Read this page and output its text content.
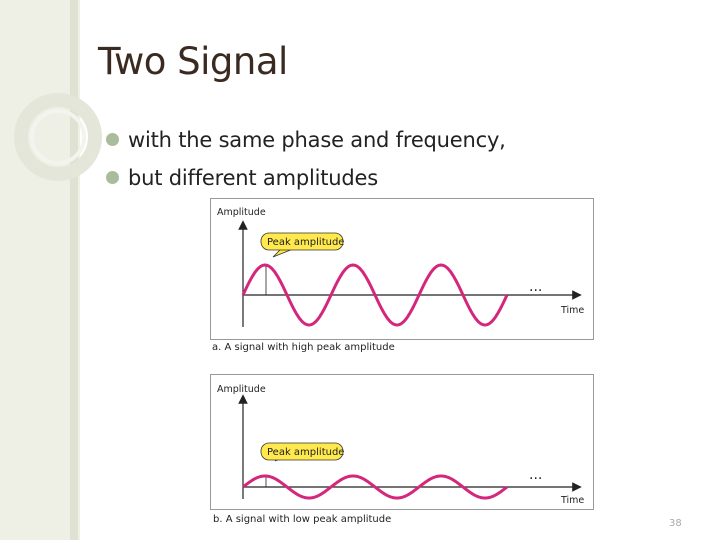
Two Signal
with the same phase and frequency,
but different amplitudes
Amplitude
Time
...
Peak amplitude
a. A signal with high peak amplitude
Amplitude
Time
...
Peak amplitude
b. A signal with low peak amplitude	38
